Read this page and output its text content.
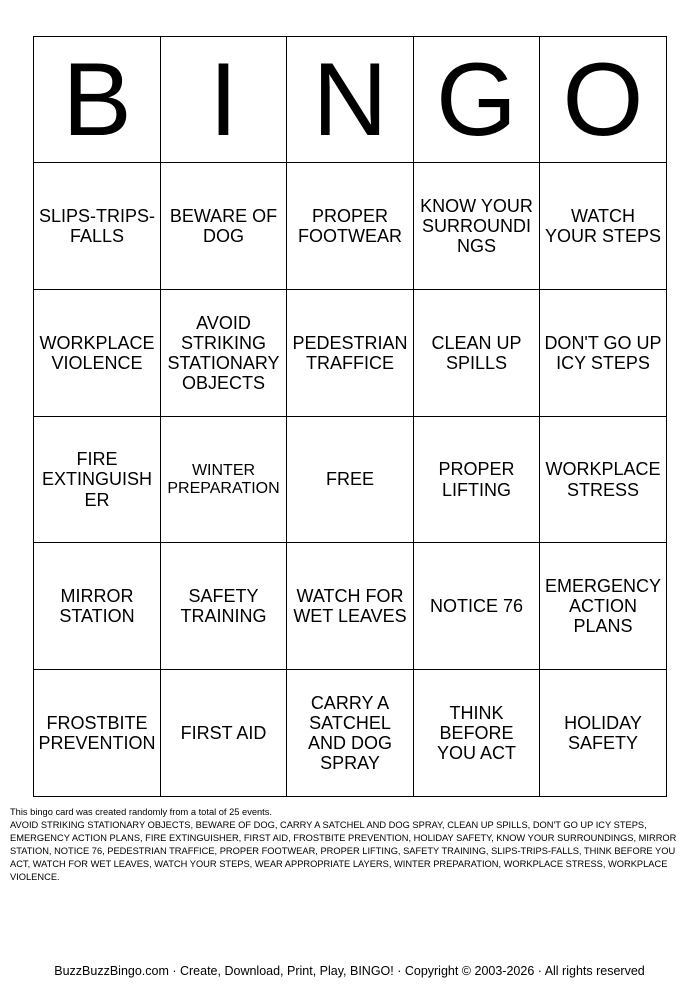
B	I	N	G	O
SLIPS-TRIPS-FALLS	BEWARE OF DOG	PROPER FOOTWEAR	KNOW YOUR SURROUNDINGS	WATCH YOUR STEPS
WORKPLACE VIOLENCE	AVOID STRIKING STATIONARY OBJECTS	PEDESTRIAN TRAFFICE	CLEAN UP SPILLS	DON'T GO UP ICY STEPS
FIRE EXTINGUISHER	WINTER PREPARATION	FREE	PROPER LIFTING	WORKPLACE STRESS
MIRROR STATION	SAFETY TRAINING	WATCH FOR WET LEAVES	NOTICE 76	EMERGENCY ACTION PLANS
FROSTBITE PREVENTION	FIRST AID	CARRY A SATCHEL AND DOG SPRAY	THINK BEFORE YOU ACT	HOLIDAY SAFETY

This bingo card was created randomly from a total of 25 events.

AVOID STRIKING STATIONARY OBJECTS, BEWARE OF DOG, CARRY A SATCHEL AND DOG SPRAY, CLEAN UP SPILLS, DON'T GO UP ICY STEPS, EMERGENCY ACTION PLANS, FIRE EXTINGUISHER, FIRST AID, FROSTBITE PREVENTION, HOLIDAY SAFETY, KNOW YOUR SURROUNDINGS, MIRROR STATION, NOTICE 76, PEDESTRIAN TRAFFICE, PROPER FOOTWEAR, PROPER LIFTING, SAFETY TRAINING, SLIPS-TRIPS-FALLS, THINK BEFORE YOU ACT, WATCH FOR WET LEAVES, WATCH YOUR STEPS, WEAR APPROPRIATE LAYERS, WINTER PREPARATION, WORKPLACE STRESS, WORKPLACE VIOLENCE.

BuzzBuzzBingo.com · Create, Download, Print, Play, BINGO! · Copyright © 2003-2026 · All rights reserved
